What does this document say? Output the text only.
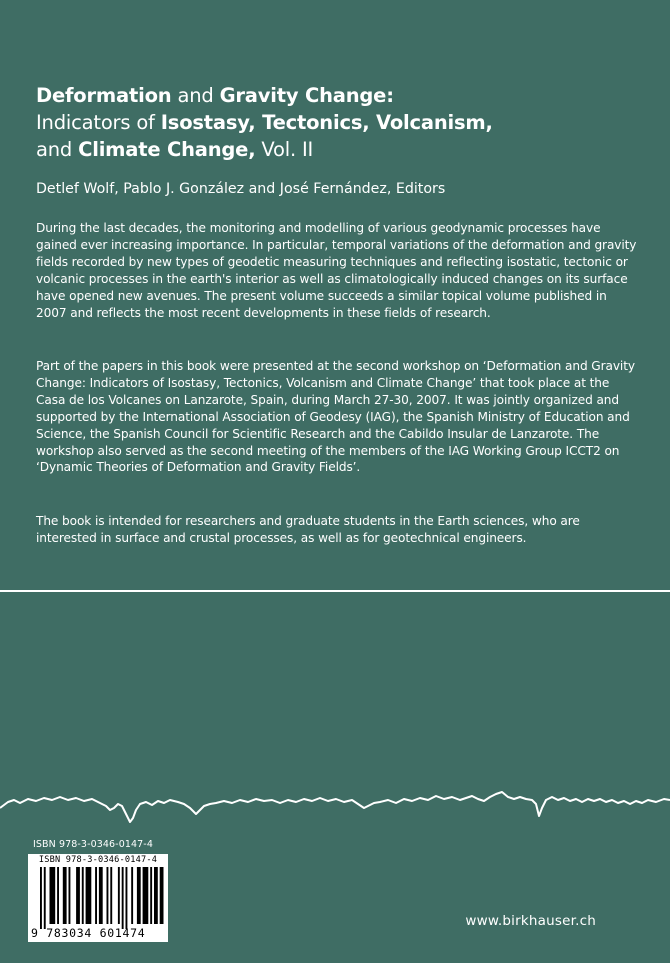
Deformation and Gravity Change:
Indicators of Isostasy, Tectonics, Volcanism,
and Climate Change, Vol. II

Detlef Wolf, Pablo J. González and José Fernández, Editors

During the last decades, the monitoring and modelling of various geodynamic processes have gained ever increasing importance. In particular, temporal variations of the deformation and gravity fields recorded by new types of geodetic measuring techniques and reflecting isostatic, tectonic or volcanic processes in the earth's interior as well as climatologically induced changes on its surface have opened new avenues. The present volume succeeds a similar topical volume published in 2007 and reflects the most recent developments in these fields of research.

Part of the papers in this book were presented at the second workshop on ‘Deformation and Gravity Change: Indicators of Isostasy, Tectonics, Volcanism and Climate Change’ that took place at the Casa de los Volcanes on Lanzarote, Spain, during March 27-30, 2007. It was jointly organized and supported by the International Association of Geodesy (IAG), the Spanish Ministry of Education and Science, the Spanish Council for Scientific Research and the Cabildo Insular de Lanzarote. The workshop also served as the second meeting of the members of the IAG Working Group ICCT2 on ‘Dynamic Theories of Deformation and Gravity Fields’.

The book is intended for researchers and graduate students in the Earth sciences, who are interested in surface and crustal processes, as well as for geotechnical engineers.

ISBN 978-3-0346-0147-4

ISBN 978-3-0346-0147-4
9 783034 601474

www.birkhauser.ch
